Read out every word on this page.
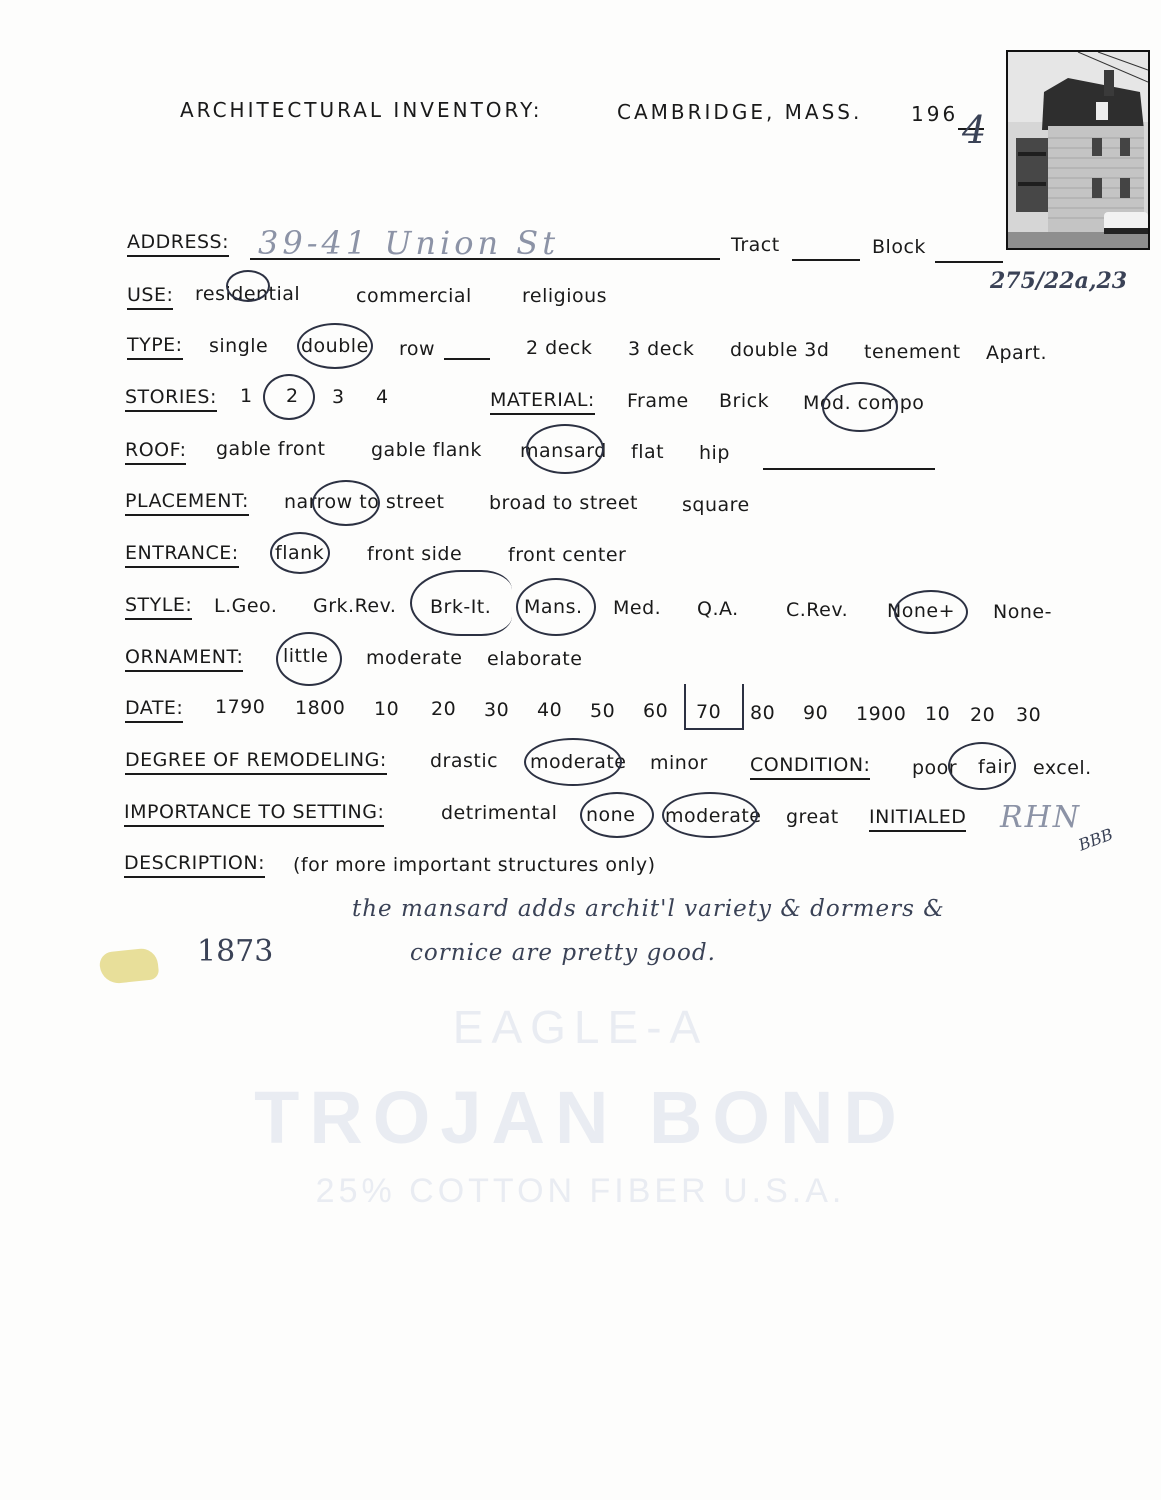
EAGLE-A
TROJAN BOND
25% COTTON FIBER U.S.A.
ARCHITECTURAL INVENTORY:	CAMBRIDGE, MASS. 196 4
ADDRESS: 39-41 Union St	Tract	Block
275/22a,23
USE: residential	commercial	religious
TYPE: single double row	2 deck 3 deck double 3d tenement Apart.
STORIES: 1 2 3 4	MATERIAL: Frame Brick Mod. compo
ROOF: gable front gable flank mansard flat hip
PLACEMENT: narrow to street broad to street square
ENTRANCE: flank front side front center
STYLE: L.Geo. Grk.Rev. Brk-It. Mans. Med. Q.A. C.Rev. None+ None-
ORNAMENT: little moderate elaborate
DATE: 1790 1800 10 20 30 40 50 60 70 80 90 1900 10 20 30
DEGREE OF REMODELING: drastic moderate minor CONDITION: poor fair excel.
IMPORTANCE TO SETTING:	detrimental none moderate great INITIALED RHN
BBB
DESCRIPTION: (for more important structures only)
the mansard adds archit'l variety & dormers &
cornice are pretty good.
1873
